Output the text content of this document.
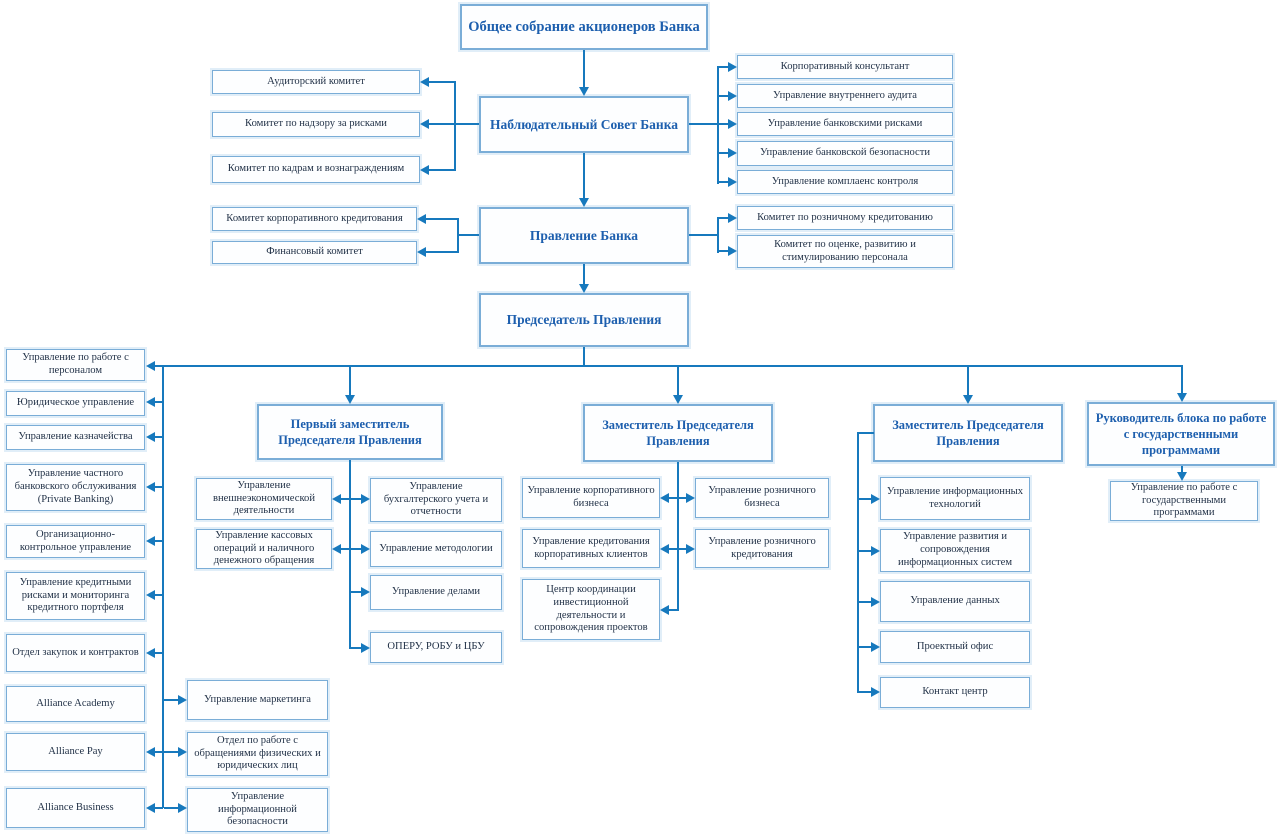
Общее собрание акционеров Банка
Наблюдательный Совет Банка
Правление Банка
Председатель Правления
Аудиторский комитет
Комитет по надзору за рисками
Комитет по кадрам и вознаграждениям
Корпоративный консультант
Управление внутреннего аудита
Управление банковскими рисками
Управление банковской безопасности
Управление комплаенс контроля
Комитет корпоративного кредитования
Финансовый комитет
Комитет по розничному кредитованию
Комитет по оценке, развитию и стимулированию персонала
Управление по работе с персоналом
Юридическое управление
Управление казначейства
Управление частного банковского обслуживания (Private Banking)
Организационно-контрольное управление
Управление кредитными рисками и мониторинга кредитного портфеля
Отдел закупок и контрактов
Alliance Academy
Alliance Pay
Alliance Business
Управление маркетинга
Отдел по работе с обращениями физических и юридических лиц
Управление информационной безопасности
Первый заместитель Председателя Правления
Управление внешнеэкономической деятельности
Управление кассовых операций и наличного денежного обращения
Управление бухгалтерского учета и отчетности
Управление методологии
Управление делами
ОПЕРУ, РОБУ и ЦБУ
Заместитель Председателя Правления
Управление корпоративного бизнеса
Управление кредитования корпоративных клиентов
Центр координации инвестиционной деятельности и сопровождения проектов
Управление розничного бизнеса
Управление розничного кредитования
Заместитель Председателя Правления
Управление информационных технологий
Управление развития и сопровождения информационных систем
Управление данных
Проектный офис
Контакт центр
Руководитель блока по работе с государственными программами
Управление по работе с государственными программами
